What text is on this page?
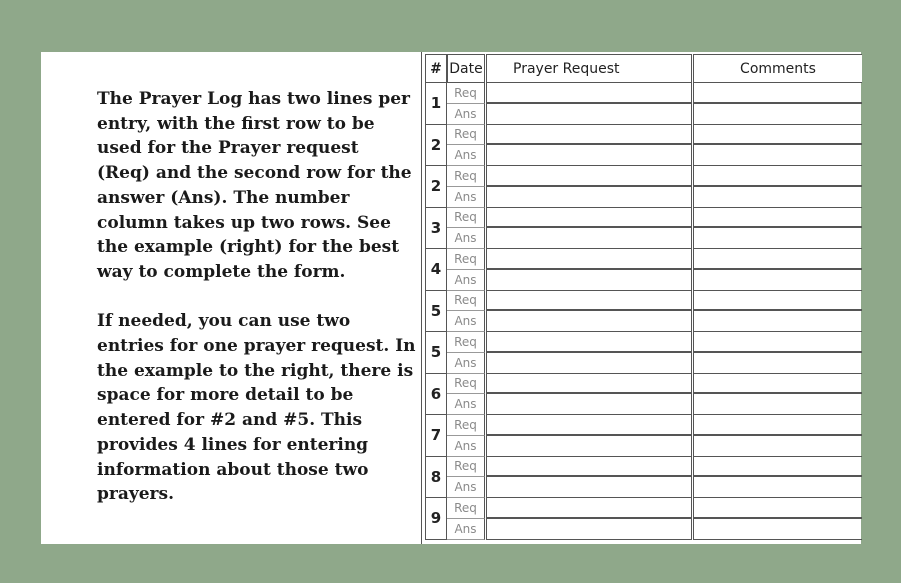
The Prayer Log has two lines per entry, with the first row to be used for the Prayer request (Req) and the second row for the answer (Ans). The number column takes up two rows. See the example (right) for the best way to complete the form.

If needed, you can use two entries for one prayer request. In the example to the right, there is space for more detail to be entered for #2 and #5. This provides 4 lines for entering information about those two prayers.

# Date	Prayer Request	Comments
1
Req
Ans
2
Req
Ans
2
Req
Ans
3
Req
Ans
4
Req
Ans
5
Req
Ans
5
Req
Ans
6
Req
Ans
7
Req
Ans
8
Req
Ans
9
Req
Ans
